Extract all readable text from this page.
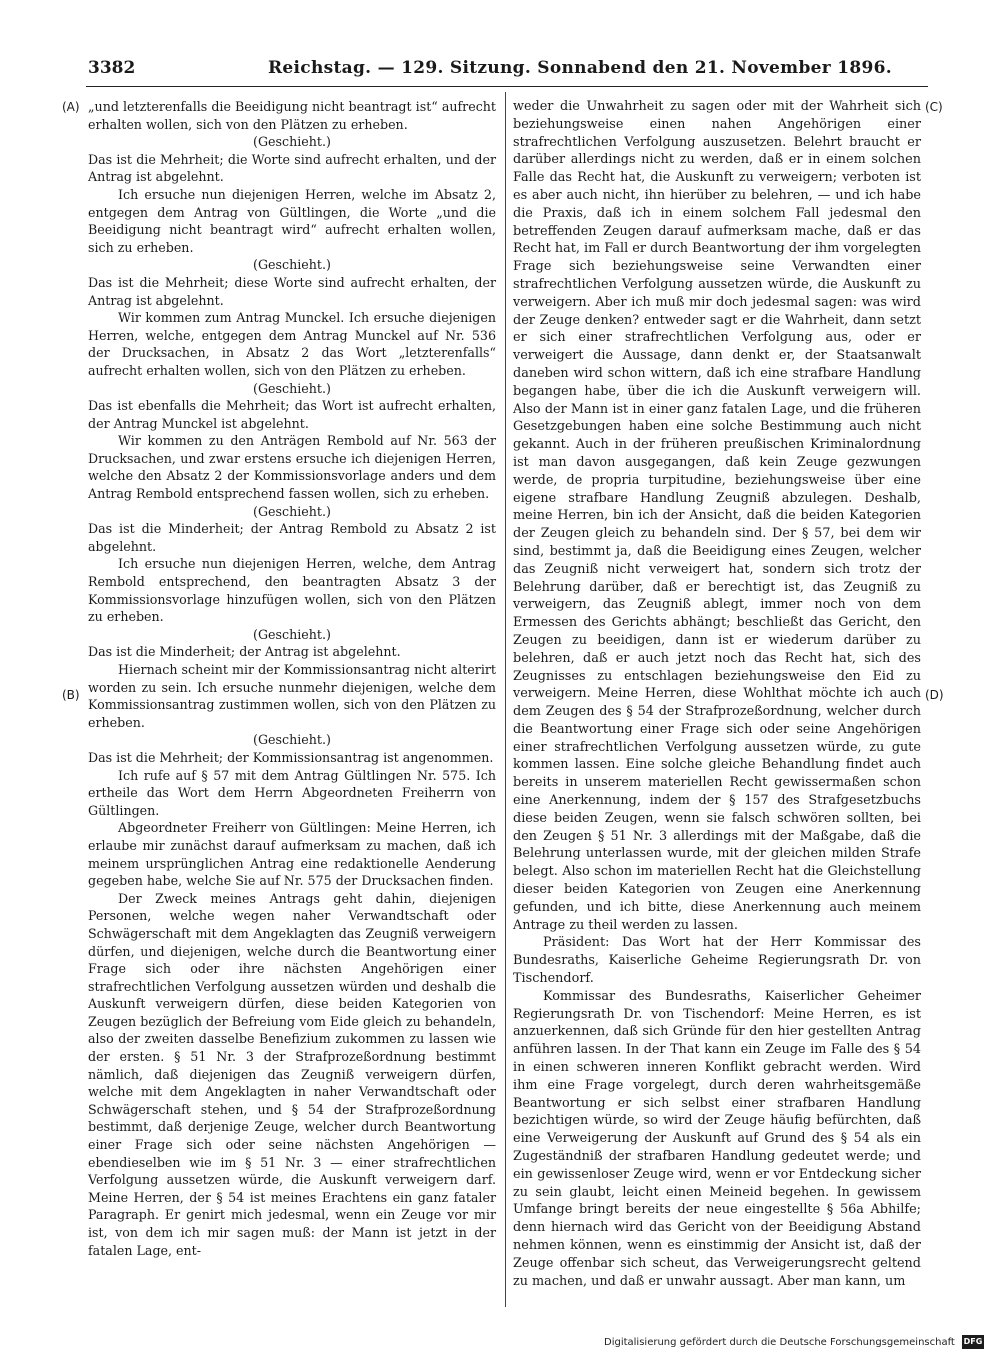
3382	Reichstag. — 129. Sitzung. Sonnabend den 21. November 1896.
(A)
(B)
(C)
(D)

„und letzterenfalls die Beeidigung nicht beantragt ist“ aufrecht erhalten wollen, sich von den Plätzen zu erheben.

(Geschieht.)

Das ist die Mehrheit; die Worte sind aufrecht erhalten, und der Antrag ist abgelehnt.

Ich ersuche nun diejenigen Herren, welche im Absatz 2, entgegen dem Antrag von Gültlingen, die Worte „und die Beeidigung nicht beantragt wird“ aufrecht erhalten wollen, sich zu erheben.

(Geschieht.)

Das ist die Mehrheit; diese Worte sind aufrecht erhalten, der Antrag ist abgelehnt.

Wir kommen zum Antrag Munckel. Ich ersuche diejenigen Herren, welche, entgegen dem Antrag Munckel auf Nr. 536 der Drucksachen, in Absatz 2 das Wort „letzterenfalls“ aufrecht erhalten wollen, sich von den Plätzen zu erheben.

(Geschieht.)

Das ist ebenfalls die Mehrheit; das Wort ist aufrecht erhalten, der Antrag Munckel ist abgelehnt.

Wir kommen zu den Anträgen Rembold auf Nr. 563 der Drucksachen, und zwar erstens ersuche ich diejenigen Herren, welche den Absatz 2 der Kommissionsvorlage anders und dem Antrag Rembold entsprechend fassen wollen, sich zu erheben.

(Geschieht.)

Das ist die Minderheit; der Antrag Rembold zu Absatz 2 ist abgelehnt.

Ich ersuche nun diejenigen Herren, welche, dem Antrag Rembold entsprechend, den beantragten Absatz 3 der Kommissionsvorlage hinzufügen wollen, sich von den Plätzen zu erheben.

(Geschieht.)

Das ist die Minderheit; der Antrag ist abgelehnt.

Hiernach scheint mir der Kommissionsantrag nicht alterirt worden zu sein. Ich ersuche nunmehr diejenigen, welche dem Kommissionsantrag zustimmen wollen, sich von den Plätzen zu erheben.

(Geschieht.)

Das ist die Mehrheit; der Kommissionsantrag ist angenommen.

Ich rufe auf § 57 mit dem Antrag Gültlingen Nr. 575. Ich ertheile das Wort dem Herrn Abgeordneten Freiherrn von Gültlingen.

Abgeordneter Freiherr von Gültlingen: Meine Herren, ich erlaube mir zunächst darauf aufmerksam zu machen, daß ich meinem ursprünglichen Antrag eine redaktionelle Aenderung gegeben habe, welche Sie auf Nr. 575 der Drucksachen finden.

Der Zweck meines Antrags geht dahin, diejenigen Personen, welche wegen naher Verwandtschaft oder Schwägerschaft mit dem Angeklagten das Zeugniß verweigern dürfen, und diejenigen, welche durch die Beantwortung einer Frage sich oder ihre nächsten Angehörigen einer strafrechtlichen Verfolgung aussetzen würden und deshalb die Auskunft verweigern dürfen, diese beiden Kategorien von Zeugen bezüglich der Befreiung vom Eide gleich zu behandeln, also der zweiten dasselbe Benefizium zukommen zu lassen wie der ersten. § 51 Nr. 3 der Strafprozeßordnung bestimmt nämlich, daß diejenigen das Zeugniß verweigern dürfen, welche mit dem Angeklagten in naher Verwandtschaft oder Schwägerschaft stehen, und § 54 der Strafprozeßordnung bestimmt, daß derjenige Zeuge, welcher durch Beantwortung einer Frage sich oder seine nächsten Angehörigen — ebendieselben wie im § 51 Nr. 3 — einer strafrechtlichen Verfolgung aussetzen würde, die Auskunft verweigern darf. Meine Herren, der § 54 ist meines Erachtens ein ganz fataler Paragraph. Er genirt mich jedesmal, wenn ein Zeuge vor mir ist, von dem ich mir sagen muß: der Mann ist jetzt in der fatalen Lage, ent-

weder die Unwahrheit zu sagen oder mit der Wahrheit sich beziehungsweise einen nahen Angehörigen einer strafrechtlichen Verfolgung auszusetzen. Belehrt braucht er darüber allerdings nicht zu werden, daß er in einem solchen Falle das Recht hat, die Auskunft zu verweigern; verboten ist es aber auch nicht, ihn hierüber zu belehren, — und ich habe die Praxis, daß ich in einem solchem Fall jedesmal den betreffenden Zeugen darauf aufmerksam mache, daß er das Recht hat, im Fall er durch Beantwortung der ihm vorgelegten Frage sich beziehungsweise seine Verwandten einer strafrechtlichen Verfolgung aussetzen würde, die Auskunft zu verweigern. Aber ich muß mir doch jedesmal sagen: was wird der Zeuge denken? entweder sagt er die Wahrheit, dann setzt er sich einer strafrechtlichen Verfolgung aus, oder er verweigert die Aussage, dann denkt er, der Staatsanwalt daneben wird schon wittern, daß ich eine strafbare Handlung begangen habe, über die ich die Auskunft verweigern will. Also der Mann ist in einer ganz fatalen Lage, und die früheren Gesetzgebungen haben eine solche Bestimmung auch nicht gekannt. Auch in der früheren preußischen Kriminalordnung ist man davon ausgegangen, daß kein Zeuge gezwungen werde, de propria turpitudine, beziehungsweise über eine eigene strafbare Handlung Zeugniß abzulegen. Deshalb, meine Herren, bin ich der Ansicht, daß die beiden Kategorien der Zeugen gleich zu behandeln sind. Der § 57, bei dem wir sind, bestimmt ja, daß die Beeidigung eines Zeugen, welcher das Zeugniß nicht verweigert hat, sondern sich trotz der Belehrung darüber, daß er berechtigt ist, das Zeugniß zu verweigern, das Zeugniß ablegt, immer noch von dem Ermessen des Gerichts abhängt; beschließt das Gericht, den Zeugen zu beeidigen, dann ist er wiederum darüber zu belehren, daß er auch jetzt noch das Recht hat, sich des Zeugnisses zu entschlagen beziehungsweise den Eid zu verweigern. Meine Herren, diese Wohlthat möchte ich auch dem Zeugen des § 54 der Strafprozeßordnung, welcher durch die Beantwortung einer Frage sich oder seine Angehörigen einer strafrechtlichen Verfolgung aussetzen würde, zu gute kommen lassen. Eine solche gleiche Behandlung findet auch bereits in unserem materiellen Recht gewissermaßen schon eine Anerkennung, indem der § 157 des Strafgesetzbuchs diese beiden Zeugen, wenn sie falsch schwören sollten, bei den Zeugen § 51 Nr. 3 allerdings mit der Maßgabe, daß die Belehrung unterlassen wurde, mit der gleichen milden Strafe belegt. Also schon im materiellen Recht hat die Gleichstellung dieser beiden Kategorien von Zeugen eine Anerkennung gefunden, und ich bitte, diese Anerkennung auch meinem Antrage zu theil werden zu lassen.

Präsident: Das Wort hat der Herr Kommissar des Bundesraths, Kaiserliche Geheime Regierungsrath Dr. von Tischendorf.

Kommissar des Bundesraths, Kaiserlicher Geheimer Regierungsrath Dr. von Tischendorf: Meine Herren, es ist anzuerkennen, daß sich Gründe für den hier gestellten Antrag anführen lassen. In der That kann ein Zeuge im Falle des § 54 in einen schweren inneren Konflikt gebracht werden. Wird ihm eine Frage vorgelegt, durch deren wahrheitsgemäße Beantwortung er sich selbst einer strafbaren Handlung bezichtigen würde, so wird der Zeuge häufig befürchten, daß eine Verweigerung der Auskunft auf Grund des § 54 als ein Zugeständniß der strafbaren Handlung gedeutet werde; und ein gewissenloser Zeuge wird, wenn er vor Entdeckung sicher zu sein glaubt, leicht einen Meineid begehen. In gewissem Umfange bringt bereits der neue eingestellte § 56a Abhilfe; denn hiernach wird das Gericht von der Beeidigung Abstand nehmen können, wenn es einstimmig der Ansicht ist, daß der Zeuge offenbar sich scheut, das Verweigerungsrecht geltend zu machen, und daß er unwahr aussagt. Aber man kann, um

Digitalisierung gefördert durch die Deutsche Forschungsgemeinschaft DFG
